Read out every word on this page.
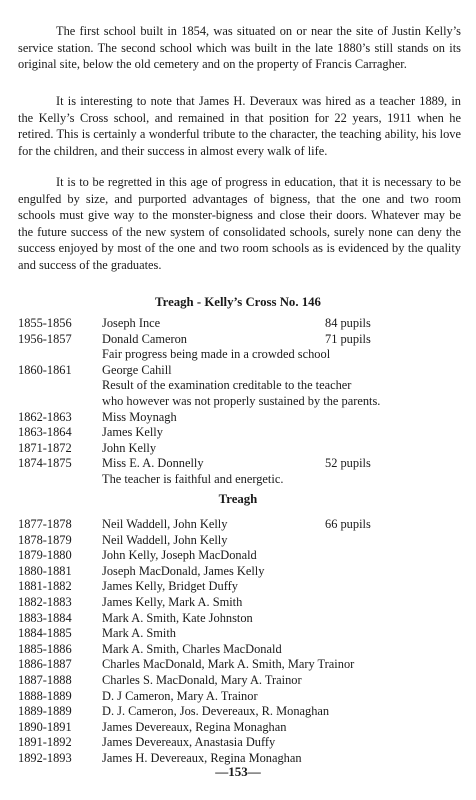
The first school built in 1854, was situated on or near the site of Justin Kelly’s service station. The second school which was built in the late 1880’s still stands on its original site, below the old cemetery and on the property of Francis Carragher.

It is interesting to note that James H. Deveraux was hired as a teacher 1889, in the Kelly’s Cross school, and remained in that position for 22 years, 1911 when he retired. This is certainly a wonderful tribute to the character, the teaching ability, his love for the children, and their success in almost every walk of life.

It is to be regretted in this age of progress in education, that it is necessary to be engulfed by size, and purported advantages of bigness, that the one and two room schools must give way to the monster-bigness and close their doors. Whatever may be the future success of the new system of consolidated schools, surely none can deny the success enjoyed by most of the one and two room schools as is evidenced by the quality and success of the graduates.

Treagh - Kelly’s Cross No. 146
1855-1856 Joseph Ince	84 pupils
1956-1857 Donald Cameron	71 pupils
Fair progress being made in a crowded school
1860-1861 George Cahill
Result of the examination creditable to the teacher
who however was not properly sustained by the parents.
1862-1863 Miss Moynagh
1863-1864 James Kelly
1871-1872 John Kelly
1874-1875 Miss E. A. Donnelly	52 pupils
The teacher is faithful and energetic.
Treagh
1877-1878 Neil Waddell, John Kelly	66 pupils
1878-1879 Neil Waddell, John Kelly
1879-1880 John Kelly, Joseph MacDonald
1880-1881 Joseph MacDonald, James Kelly
1881-1882 James Kelly, Bridget Duffy
1882-1883 James Kelly, Mark A. Smith
1883-1884 Mark A. Smith, Kate Johnston
1884-1885 Mark A. Smith
1885-1886 Mark A. Smith, Charles MacDonald
1886-1887 Charles MacDonald, Mark A. Smith, Mary Trainor
1887-1888 Charles S. MacDonald, Mary A. Trainor
1888-1889 D. J Cameron, Mary A. Trainor
1889-1889 D. J. Cameron, Jos. Devereaux, R. Monaghan
1890-1891 James Devereaux, Regina Monaghan
1891-1892 James Devereaux, Anastasia Duffy
1892-1893 James H. Devereaux, Regina Monaghan
—153—
